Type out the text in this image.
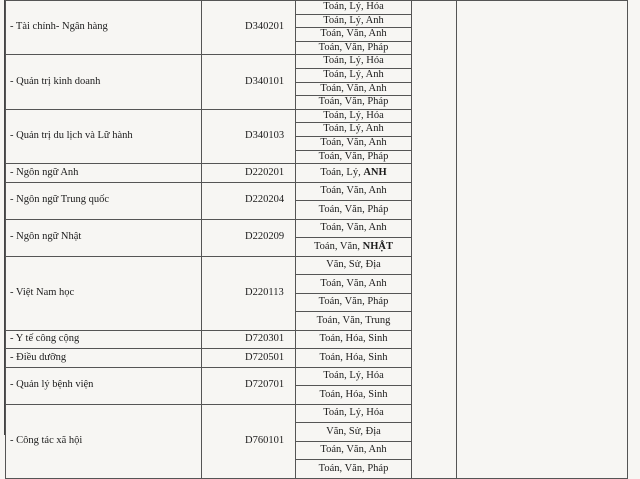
- Tài chính- Ngân hàng	D340201	Toán, Lý, Hóa		
		Toán, Lý, Anh		
		Toán, Văn, Anh		
		Toán, Văn, Pháp		
- Quản trị kinh doanh	D340101	Toán, Lý, Hóa		
		Toán, Lý, Anh		
		Toán, Văn, Anh		
		Toán, Văn, Pháp		
- Quản trị du lịch và Lữ hành	D340103	Toán, Lý, Hóa		
		Toán, Lý, Anh		
		Toán, Văn, Anh		
		Toán, Văn, Pháp		
- Ngôn ngữ Anh	D220201	Toán, Lý, ANH		
- Ngôn ngữ Trung quốc	D220204	Toán, Văn, Anh		
		Toán, Văn, Pháp		
- Ngôn ngữ Nhật	D220209	Toán, Văn, Anh		
		Toán, Văn, NHẬT		
- Việt Nam học	D220113	Văn, Sử, Địa		
		Toán, Văn, Anh		
		Toán, Văn, Pháp		
		Toán, Văn, Trung		
- Y tế công cộng	D720301	Toán, Hóa, Sinh		
- Điều dưỡng	D720501	Toán, Hóa, Sinh		
- Quản lý bệnh viện	D720701	Toán, Lý, Hóa		
		Toán, Hóa, Sinh		
- Công tác xã hội	D760101	Toán, Lý, Hóa		
		Văn, Sử, Địa		
		Toán, Văn, Anh		
		Toán, Văn, Pháp		
